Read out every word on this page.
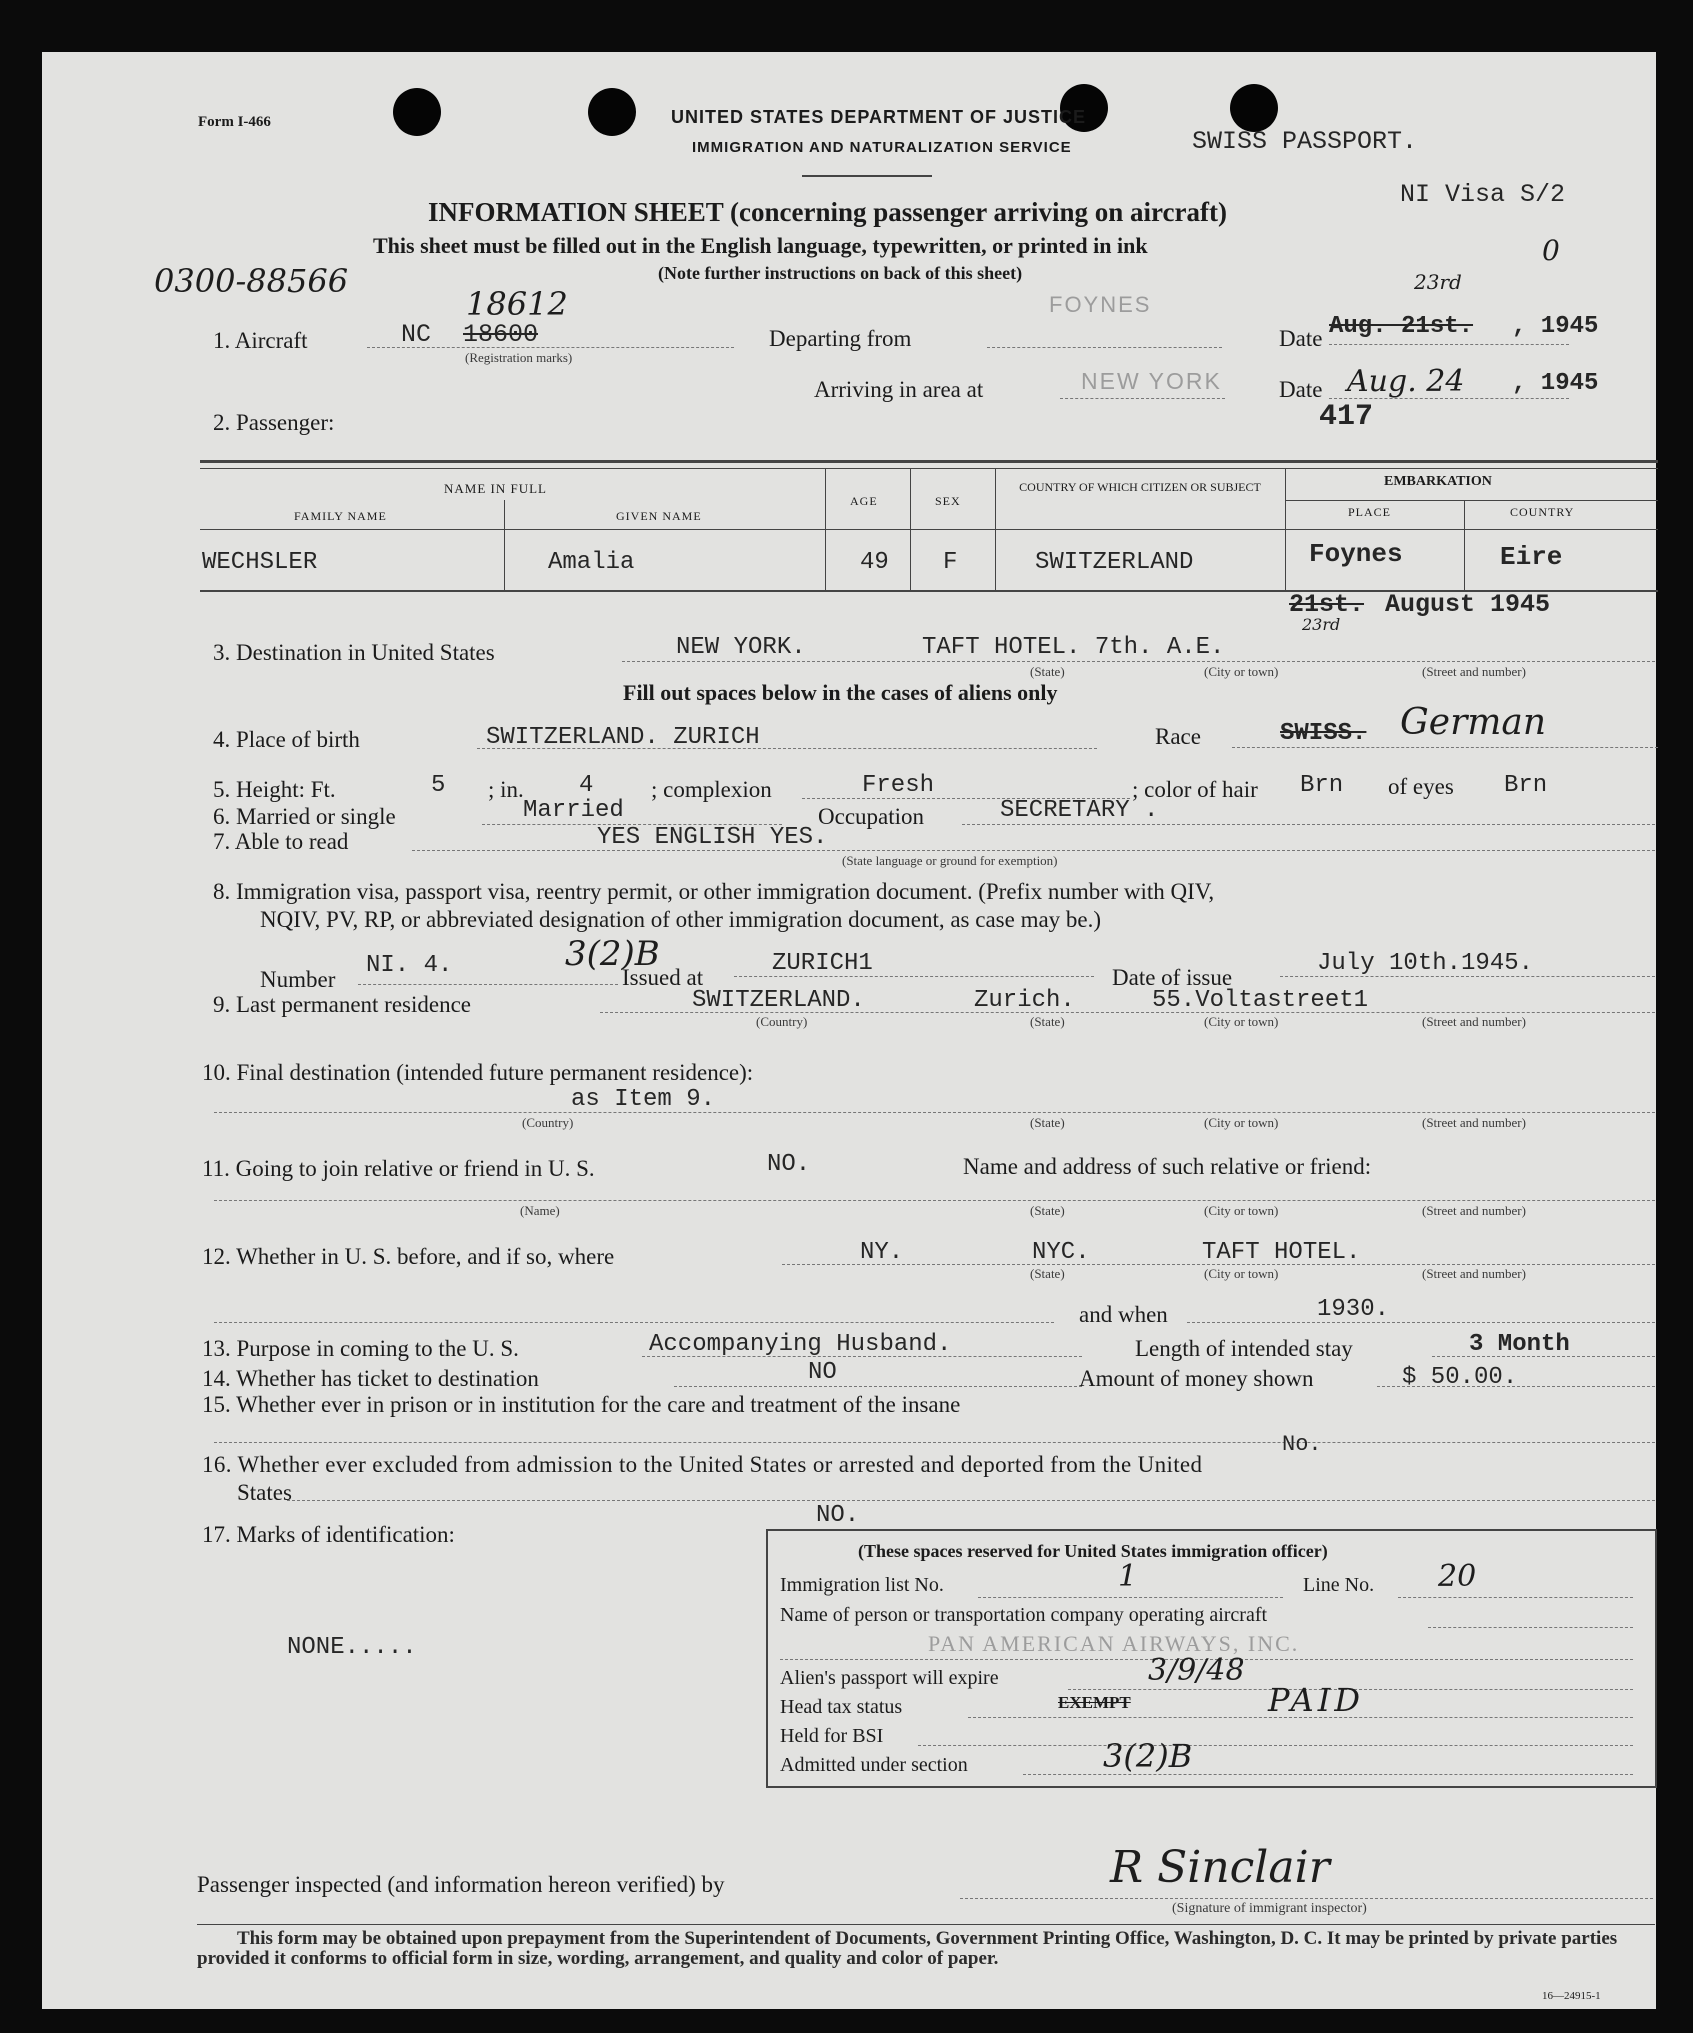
Form I-466	UNITED STATES DEPARTMENT OF JUSTICE
IMMIGRATION AND NATURALIZATION SERVICE	SWISS PASSPORT.
NI Visa S/2
0
0300-88566
INFORMATION SHEET (concerning passenger arriving on aircraft)
This sheet must be filled out in the English language, typewritten, or printed in ink
(Note further instructions on back of this sheet)
1. Aircraft	NC 18600
18612
(Registration marks)
Departing from
FOYNES
Date Aug. 21st.
23rd
, 1945
Arriving in area at	NEW YORK Date Aug. 24 , 1945
417
2. Passenger:
NAME IN FULL
FAMILY NAME	GIVEN NAME
AGE	SEX
COUNTRY OF WHICH CITIZEN OR SUBJECT	EMBARKATION
PLACE	COUNTRY
WECHSLER	Amalia	49 F	SWITZERLAND	Foynes	Eire
21st. August 1945
23rd
3. Destination in United States	NEW YORK.	TAFT HOTEL. 7th. A.E.
(State)	(City or town)	(Street and number)
Fill out spaces below in the cases of aliens only
4. Place of birth	SWITZERLAND. ZURICH	Race	SWISS. German
5. Height: Ft.	5 ; in. 4	; complexion	Fresh	; color of hair Brn of eyes Brn
6. Married or single	Married	Occupation	SECRETARY .
7. Able to read	YES ENGLISH YES.
(State language or ground for exemption)
8. Immigration visa, passport visa, reentry permit, or other immigration document. (Prefix number with QIV,
NQIV, PV, RP, or abbreviated designation of other immigration document, as case may be.)
Number
NI. 4.	3(2)B
Issued at
ZURICH1
Date of issue
July 10th.1945.
9. Last permanent residence	SWITZERLAND.	Zurich.	55.Voltastreet1
(Country)	(State)	(City or town)	(Street and number)
10. Final destination (intended future permanent residence):
as Item 9.
(Country)	(State)	(City or town)	(Street and number)
11. Going to join relative or friend in U. S.	NO.	Name and address of such relative or friend:
(Name)	(State)	(City or town)	(Street and number)
12. Whether in U. S. before, and if so, where	NY.	NYC.	TAFT HOTEL.
(State)	(City or town)	(Street and number)
and when	1930.
13. Purpose in coming to the U. S.	Accompanying Husband.	Length of intended stay	3 Month
14. Whether has ticket to destination	NO	Amount of money shown	$ 50.00.
15. Whether ever in prison or in institution for the care and treatment of the insane
No.
16. Whether ever excluded from admission to the United States or arrested and deported from the United
States
NO.
17. Marks of identification:
NONE.....
(These spaces reserved for United States immigration officer)
Immigration list No.	1	Line No. 20
Name of person or transportation company operating aircraft
PAN AMERICAN AIRWAYS, INC.
Alien's passport will expire	3/9/48
Head tax status	EXEMPT	PAID
Held for BSI
Admitted under section	3(2)B
Passenger inspected (and information hereon verified) by	R Sinclair
(Signature of immigrant inspector)
This form may be obtained upon prepayment from the Superintendent of Documents, Government Printing Office, Washington, D. C. It may be printed by private parties provided it conforms to official form in size, wording, arrangement, and quality and color of paper.
16—24915-1
